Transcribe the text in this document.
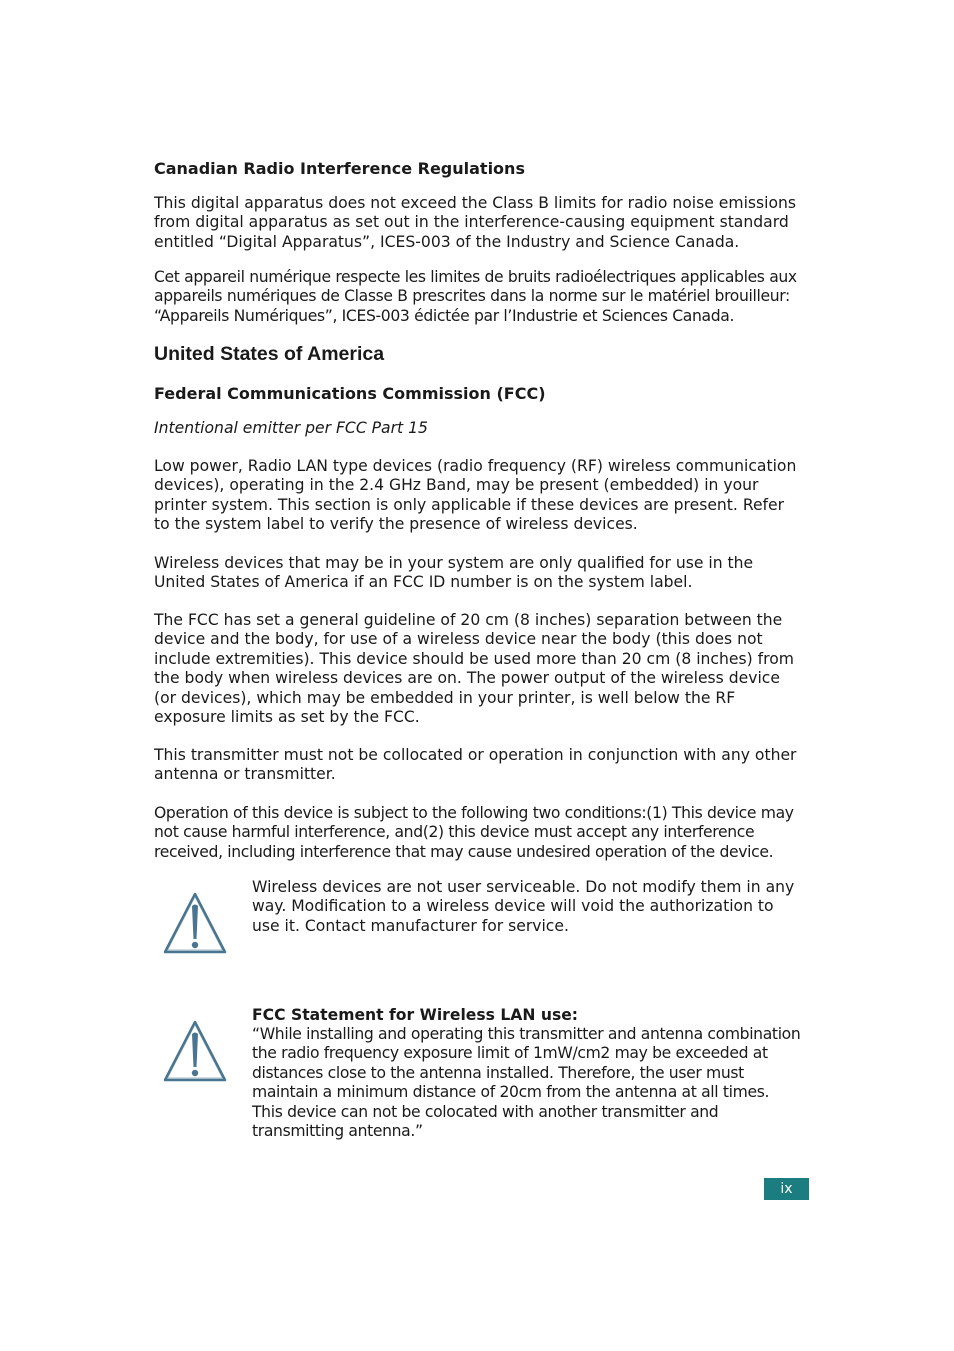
Canadian Radio Interference Regulations
This digital apparatus does not exceed the Class B limits for radio noise emissions from digital apparatus as set out in the interference-causing equipment standard entitled “Digital Apparatus”, ICES-003 of the Industry and Science Canada.
Cet appareil numérique respecte les limites de bruits radioélectriques applicables aux appareils numériques de Classe B prescrites dans la norme sur le matériel brouilleur: “Appareils Numériques”, ICES-003 édictée par l’Industrie et Sciences Canada.
United States of America
Federal Communications Commission (FCC)
Intentional emitter per FCC Part 15
Low power, Radio LAN type devices (radio frequency (RF) wireless communication devices), operating in the 2.4 GHz Band, may be present (embedded) in your printer system. This section is only applicable if these devices are present. Refer to the system label to verify the presence of wireless devices.
Wireless devices that may be in your system are only qualified for use in the United States of America if an FCC ID number is on the system label.
The FCC has set a general guideline of 20 cm (8 inches) separation between the device and the body, for use of a wireless device near the body (this does not include extremities). This device should be used more than 20 cm (8 inches) from the body when wireless devices are on. The power output of the wireless device (or devices), which may be embedded in your printer, is well below the RF exposure limits as set by the FCC.
This transmitter must not be collocated or operation in conjunction with any other antenna or transmitter.
Operation of this device is subject to the following two conditions:(1) This device may not cause harmful interference, and(2) this device must accept any interference received, including interference that may cause undesired operation of the device.
Wireless devices are not user serviceable. Do not modify them in any way. Modification to a wireless device will void the authorization to use it. Contact manufacturer for service.
FCC Statement for Wireless LAN use:
“While installing and operating this transmitter and antenna combination the radio frequency exposure limit of 1mW/cm2 may be exceeded at distances close to the antenna installed. Therefore, the user must maintain a minimum distance of 20cm from the antenna at all times. This device can not be colocated with another transmitter and transmitting antenna.”
ix
